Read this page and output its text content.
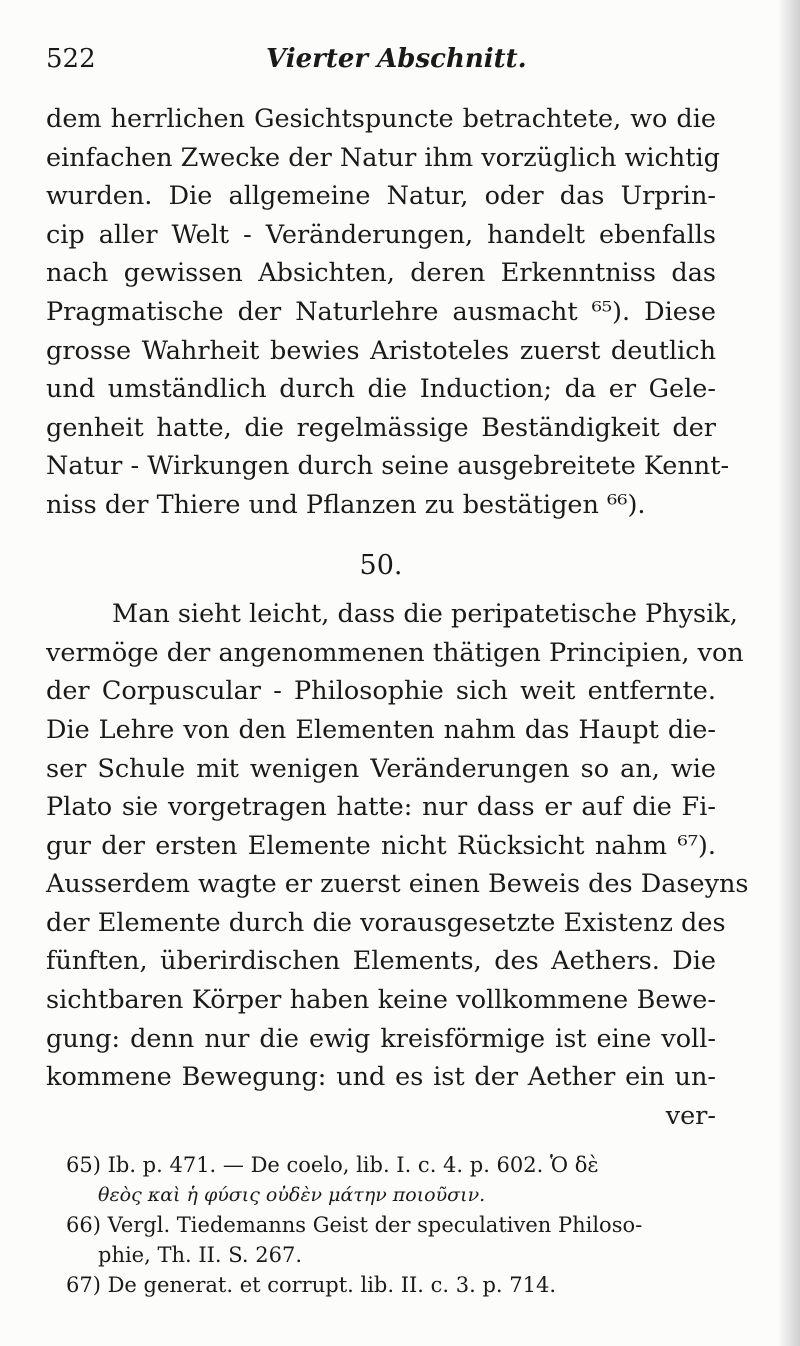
522	Vierter Abschnitt.
dem herrlichen Gesichtspuncte betrachtete, wo die
einfachen Zwecke der Natur ihm vorzüglich wichtig
wurden. Die allgemeine Natur, oder das Urprin-
cip aller Welt - Veränderungen, handelt ebenfalls
nach gewissen Absichten, deren Erkenntniss das
Pragmatische der Naturlehre ausmacht ⁶⁵). Diese
grosse Wahrheit bewies Aristoteles zuerst deutlich
und umständlich durch die Induction; da er Gele-
genheit hatte, die regelmässige Beständigkeit der
Natur - Wirkungen durch seine ausgebreitete Kennt-
niss der Thiere und Pflanzen zu bestätigen ⁶⁶).
50.
Man sieht leicht, dass die peripatetische Physik,
vermöge der angenommenen thätigen Principien, von
der Corpuscular - Philosophie sich weit entfernte.
Die Lehre von den Elementen nahm das Haupt die-
ser Schule mit wenigen Veränderungen so an, wie
Plato sie vorgetragen hatte: nur dass er auf die Fi-
gur der ersten Elemente nicht Rücksicht nahm ⁶⁷).
Ausserdem wagte er zuerst einen Beweis des Daseyns
der Elemente durch die vorausgesetzte Existenz des
fünften, überirdischen Elements, des Aethers. Die
sichtbaren Körper haben keine vollkommene Bewe-
gung: denn nur die ewig kreisförmige ist eine voll-
kommene Bewegung: und es ist der Aether ein un-
ver-
65) Ib. p. 471. — De coelo, lib. I. c. 4. p. 602. Ὁ δὲ
θεὸς καὶ ἡ φύσις οὐδὲν μάτην ποιοῦσιν.
66) Vergl. Tiedemanns Geist der speculativen Philoso-
phie, Th. II. S. 267.
67) De generat. et corrupt. lib. II. c. 3. p. 714.
